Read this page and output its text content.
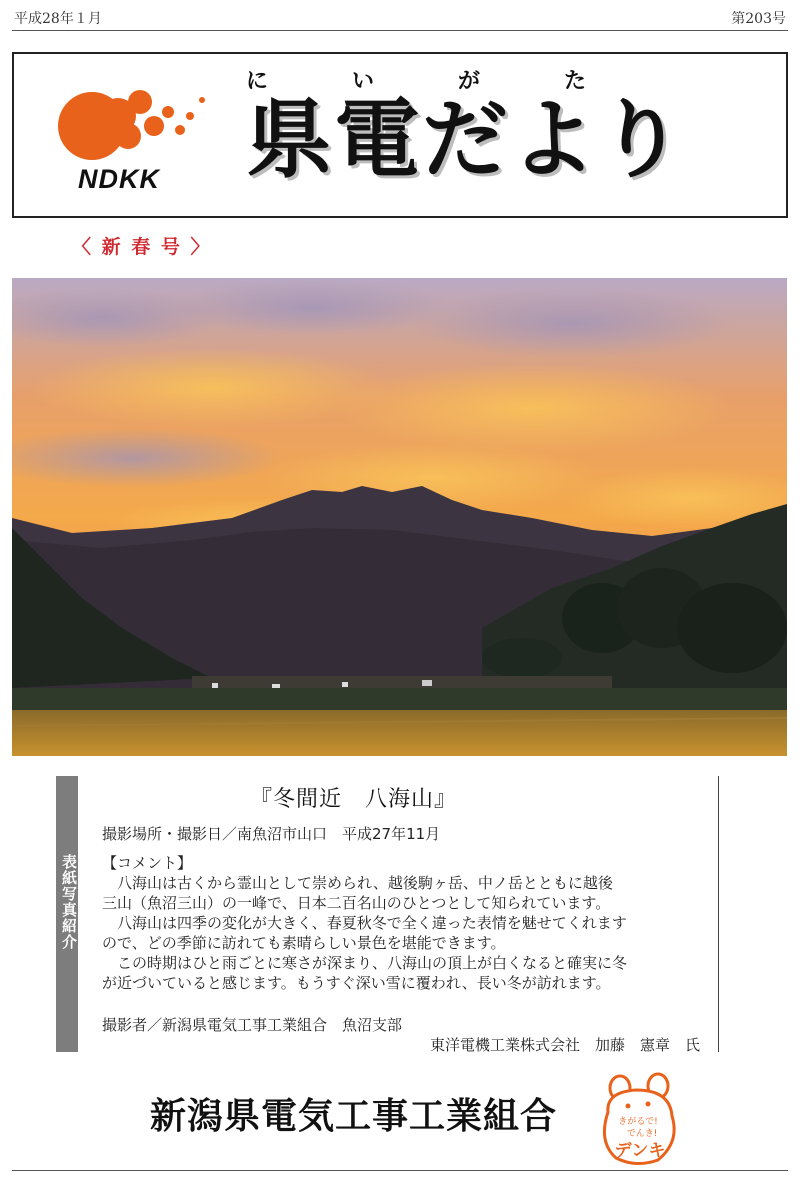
平成28年１月	第203号
NDKK
に	い	が	た
県電だより
〈 新 春 号 〉
表紙写真紹介
『冬間近　八海山』
撮影場所・撮影日／南魚沼市山口　平成27年11月
【コメント】
　八海山は古くから霊山として崇められ、越後駒ヶ岳、中ノ岳とともに越後
三山（魚沼三山）の一峰で、日本二百名山のひとつとして知られています。
　八海山は四季の変化が大きく、春夏秋冬で全く違った表情を魅せてくれます
ので、どの季節に訪れても素晴らしい景色を堪能できます。
　この時期はひと雨ごとに寒さが深まり、八海山の頂上が白くなると確実に冬
が近づいていると感じます。もうすぐ深い雪に覆われ、長い冬が訪れます。
撮影者／新潟県電気工事工業組合　魚沼支部
東洋電機工業株式会社　加藤　憲章　氏
新潟県電気工事工業組合	きがるで!
でんき!
デンキ
